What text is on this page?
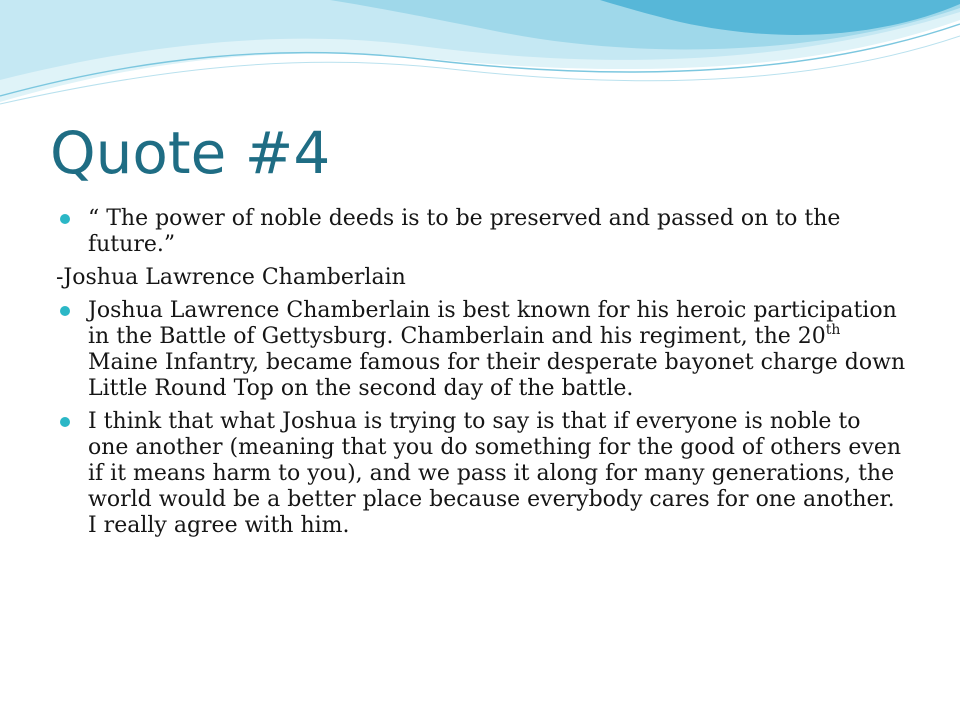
Quote #4

“ The power of noble deeds is to be preserved and passed on to the future.”

-Joshua Lawrence Chamberlain

Joshua Lawrence Chamberlain is best known for his heroic participation in the Battle of Gettysburg. Chamberlain and his regiment, the 20th Maine Infantry, became famous for their desperate bayonet charge down Little Round Top on the second day of the battle.

I think that what Joshua is trying to say is that if everyone is noble to one another (meaning that you do something for the good of others even if it means harm to you), and we pass it along for many generations, the world would be a better place because everybody cares for one another. I really agree with him.
